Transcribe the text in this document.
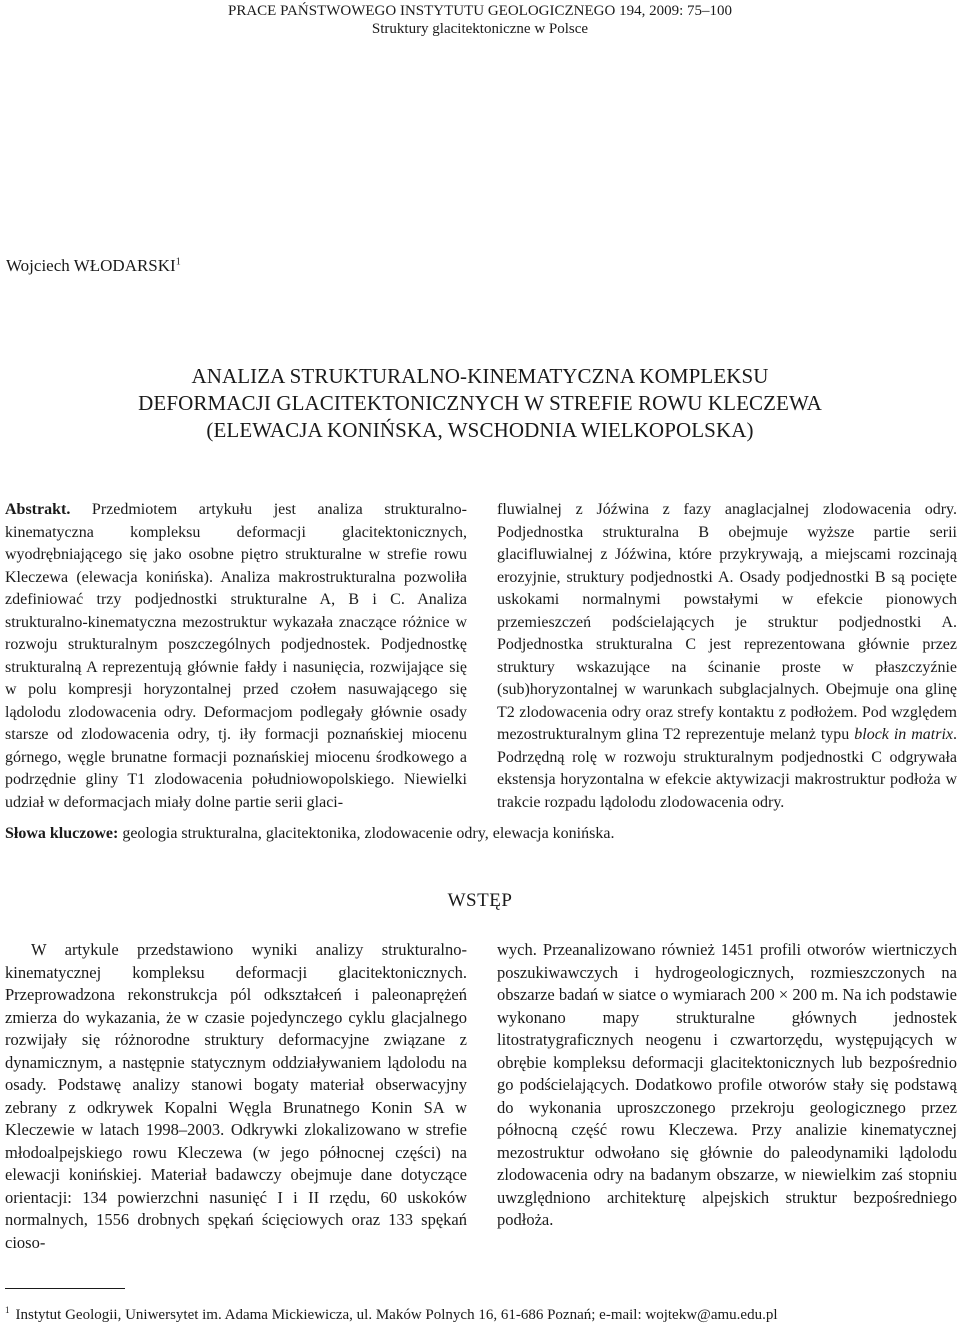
PRACE PAŃSTWOWEGO INSTYTUTU GEOLOGICZNEGO 194, 2009: 75–100
Struktury glacitektoniczne w Polsce
Wojciech WŁODARSKI$^1$
ANALIZA STRUKTURALNO-KINEMATYCZNA KOMPLEKSU
DEFORMACJI GLACITEKTONICZNYCH W STREFIE ROWU KLECZEWA
(ELEWACJA KONIŃSKA, WSCHODNIA WIELKOPOLSKA)
Abstrakt. Przedmiotem artykułu jest analiza strukturalno-kinematyczna kompleksu deformacji glacitektonicznych, wyodrębniającego się jako osobne piętro strukturalne w strefie rowu Kleczewa (elewacja konińska). Analiza makrostrukturalna pozwoliła zdefiniować trzy podjednostki strukturalne A, B i C. Analiza strukturalno-kinematyczna mezostruktur wykazała znaczące różnice w rozwoju strukturalnym poszczególnych podjednostek. Podjednostkę strukturalną A reprezentują głównie fałdy i nasunięcia, rozwijające się w polu kompresji horyzontalnej przed czołem nasuwającego się lądolodu zlodowacenia odry. Deformacjom podlegały głównie osady starsze od zlodowacenia odry, tj. iły formacji poznańskiej miocenu górnego, węgle brunatne formacji poznańskiej miocenu środkowego a podrzędnie gliny T1 zlodowacenia południowopolskiego. Niewielki udział w deformacjach miały dolne partie serii glaci-
fluwialnej z Jóźwina z fazy anaglacjalnej zlodowacenia odry. Podjednostka strukturalna B obejmuje wyższe partie serii glacifluwialnej z Jóźwina, które przykrywają, a miejscami rozcinają erozyjnie, struktury podjednostki A. Osady podjednostki B są pocięte uskokami normalnymi powstałymi w efekcie pionowych przemieszczeń podścielających je struktur podjednostki A. Podjednostka strukturalna C jest reprezentowana głównie przez struktury wskazujące na ścinanie proste w płaszczyźnie (sub)horyzontalnej w warunkach subglacjalnych. Obejmuje ona glinę T2 zlodowacenia odry oraz strefy kontaktu z podłożem. Pod względem mezostrukturalnym glina T2 reprezentuje melanż typu block in matrix. Podrzędną rolę w rozwoju strukturalnym podjednostki C odgrywała ekstensja horyzontalna w efekcie aktywizacji makrostruktur podłoża w trakcie rozpadu lądolodu zlodowacenia odry.
Słowa kluczowe: geologia strukturalna, glacitektonika, zlodowacenie odry, elewacja konińska.
WSTĘP
W artykule przedstawiono wyniki analizy strukturalno-kinematycznej kompleksu deformacji glacitektonicznych. Przeprowadzona rekonstrukcja pól odkształceń i paleonaprężeń zmierza do wykazania, że w czasie pojedynczego cyklu glacjalnego rozwijały się różnorodne struktury deformacyjne związane z dynamicznym, a następnie statycznym oddziaływaniem lądolodu na osady. Podstawę analizy stanowi bogaty materiał obserwacyjny zebrany z odkrywek Kopalni Węgla Brunatnego Konin SA w Kleczewie w latach 1998–2003. Odkrywki zlokalizowano w strefie młodoalpejskiego rowu Kleczewa (w jego północnej części) na elewacji konińskiej. Materiał badawczy obejmuje dane dotyczące orientacji: 134 powierzchni nasunięć I i II rzędu, 60 uskoków normalnych, 1556 drobnych spękań ścięciowych oraz 133 spękań cioso-
wych. Przeanalizowano również 1451 profili otworów wiertniczych poszukiwawczych i hydrogeologicznych, rozmieszczonych na obszarze badań w siatce o wymiarach 200 × 200 m. Na ich podstawie wykonano mapy strukturalne głównych jednostek litostratygraficznych neogenu i czwartorzędu, występujących w obrębie kompleksu deformacji glacitektonicznych lub bezpośrednio go podścielających. Dodatkowo profile otworów stały się podstawą do wykonania uproszczonego przekroju geologicznego przez północną część rowu Kleczewa. Przy analizie kinematycznej mezostruktur odwołano się głównie do paleodynamiki lądolodu zlodowacenia odry na badanym obszarze, w niewielkim zaś stopniu uwzględniono architekturę alpejskich struktur bezpośredniego podłoża.
$^1$ Instytut Geologii, Uniwersytet im. Adama Mickiewicza, ul. Maków Polnych 16, 61-686 Poznań; e-mail: wojtekw@amu.edu.pl
